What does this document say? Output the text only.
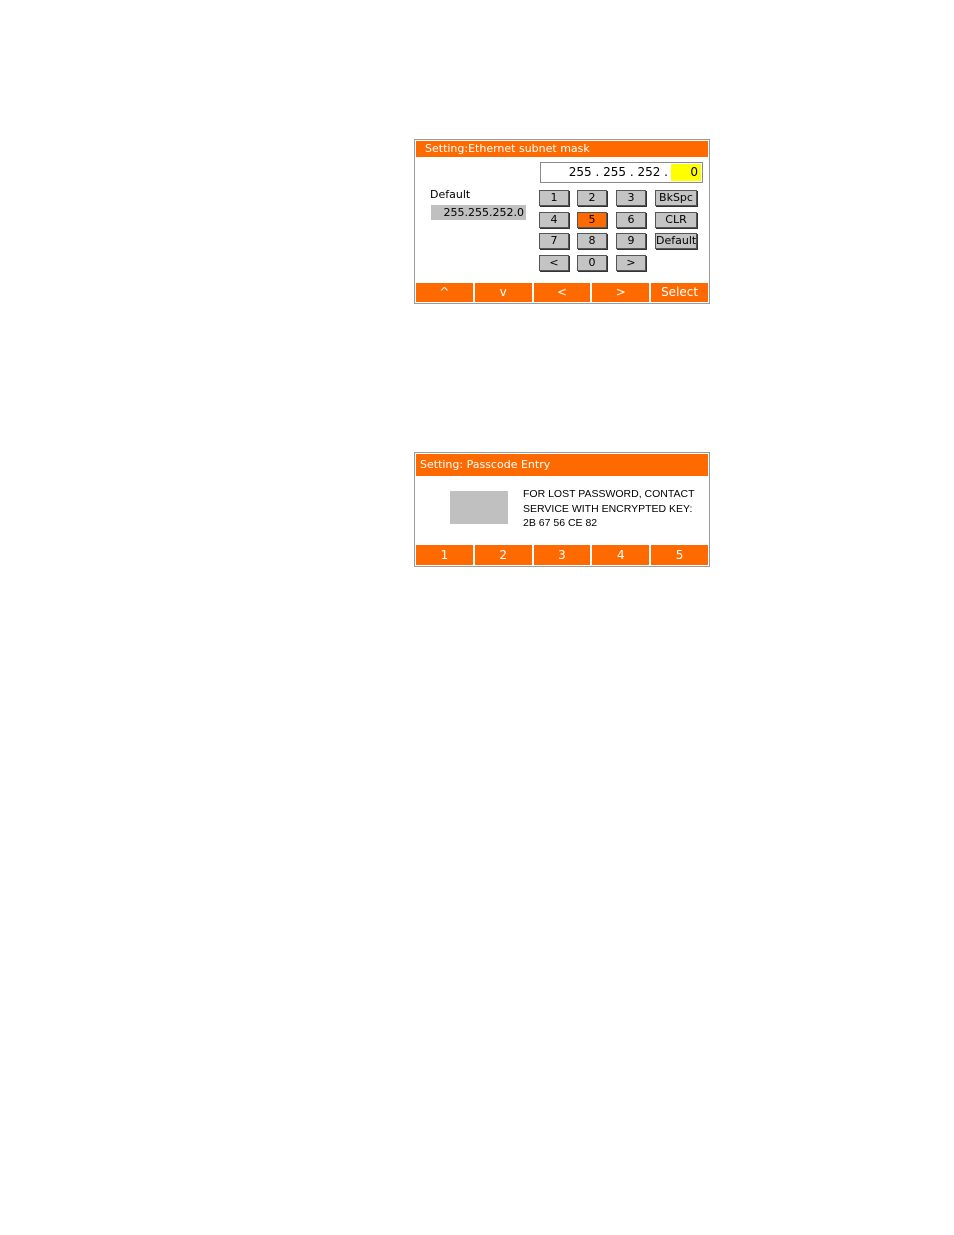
Setting:Ethernet subnet mask
255 . 255 . 252 .	0
Default
255.255.252.0
1	2	3	BkSpc
4	5	6	CLR
7	8	9	Default
<	0	>
^	v	<	>	Select
Setting: Passcode Entry
FOR LOST PASSWORD, CONTACT
SERVICE WITH ENCRYPTED KEY:
2B 67 56 CE 82
1	2	3	4	5
